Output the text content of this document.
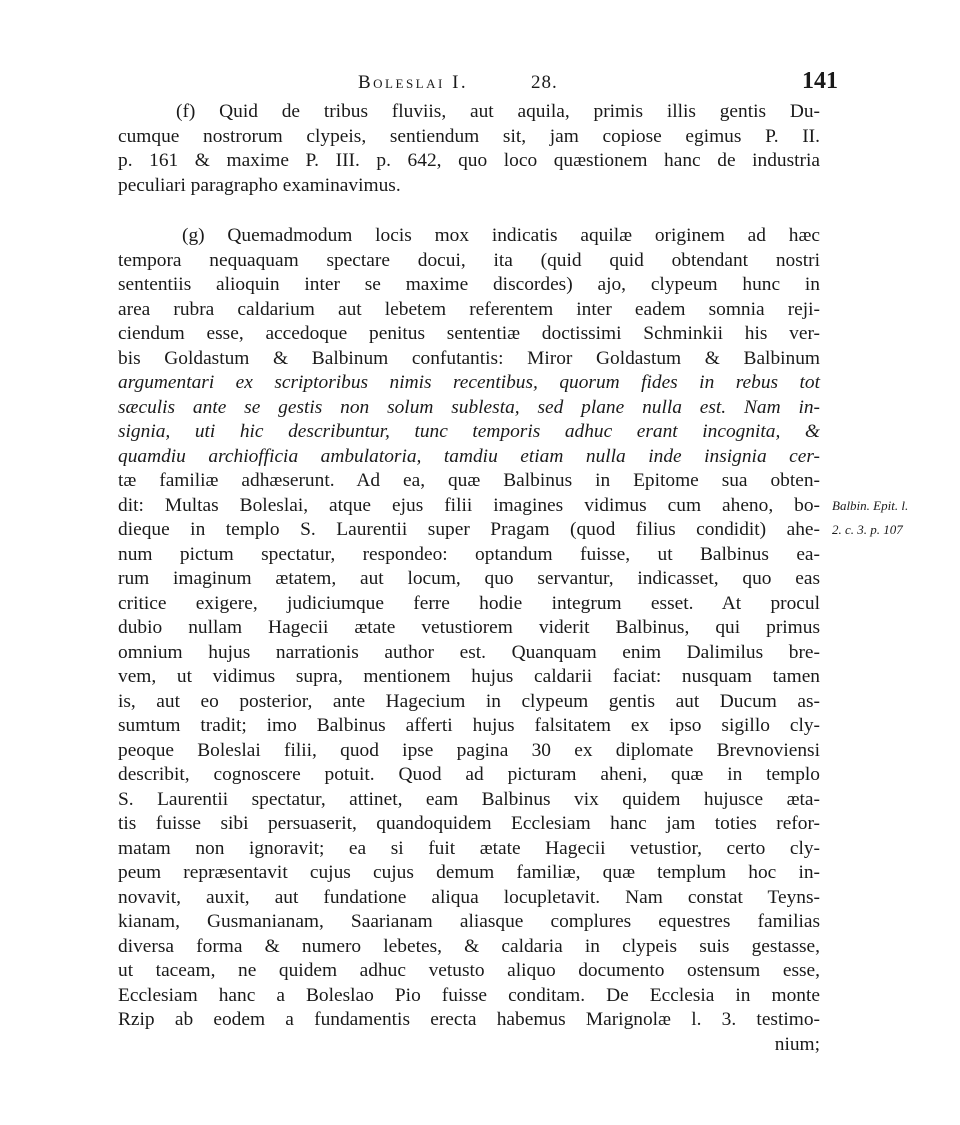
Boleslai I.	28.	141
(f) Quid de tribus fluviis, aut aquila, primis illis gentis Du-
cumque nostrorum clypeis, sentiendum sit, jam copiose egimus P. II.
p. 161 & maxime P. III. p. 642, quo loco quæstionem hanc de industria
peculiari paragrapho examinavimus.
(g) Quemadmodum locis mox indicatis aquilæ originem ad hæc
tempora nequaquam spectare docui, ita (quid quid obtendant nostri
sententiis alioquin inter se maxime discordes) ajo, clypeum hunc in
area rubra caldarium aut lebetem referentem inter eadem somnia reji-
ciendum esse, accedoque penitus sententiæ doctissimi Schminkii his ver-
bis Goldastum & Balbinum confutantis: Miror Goldastum & Balbinum
argumentari ex scriptoribus nimis recentibus, quorum fides in rebus tot
sæculis ante se gestis non solum sublesta, sed plane nulla est. Nam in-
signia, uti hic describuntur, tunc temporis adhuc erant incognita, &
quamdiu archiofficia ambulatoria, tamdiu etiam nulla inde insignia cer-
tæ familiæ adhæserunt. Ad ea, quæ Balbinus in Epitome sua obten-
dit: Multas Boleslai, atque ejus filii imagines vidimus cum aheno, bo-
dieque in templo S. Laurentii super Pragam (quod filius condidit) ahe-
num pictum spectatur, respondeo: optandum fuisse, ut Balbinus ea-
rum imaginum ætatem, aut locum, quo servantur, indicasset, quo eas
critice exigere, judiciumque ferre hodie integrum esset. At procul
dubio nullam Hagecii ætate vetustiorem viderit Balbinus, qui primus
omnium hujus narrationis author est. Quanquam enim Dalimilus bre-
vem, ut vidimus supra, mentionem hujus caldarii faciat: nusquam tamen
is, aut eo posterior, ante Hagecium in clypeum gentis aut Ducum as-
sumtum tradit; imo Balbinus afferti hujus falsitatem ex ipso sigillo cly-
peoque Boleslai filii, quod ipse pagina 30 ex diplomate Brevnoviensi
describit, cognoscere potuit. Quod ad picturam aheni, quæ in templo
S. Laurentii spectatur, attinet, eam Balbinus vix quidem hujusce æta-
tis fuisse sibi persuaserit, quandoquidem Ecclesiam hanc jam toties refor-
matam non ignoravit; ea si fuit ætate Hagecii vetustior, certo cly-
peum repræsentavit cujus cujus demum familiæ, quæ templum hoc in-
novavit, auxit, aut fundatione aliqua locupletavit. Nam constat Teyns-
kianam, Gusmanianam, Saarianam aliasque complures equestres familias
diversa forma & numero lebetes, & caldaria in clypeis suis gestasse,
ut taceam, ne quidem adhuc vetusto aliquo documento ostensum esse,
Ecclesiam hanc a Boleslao Pio fuisse conditam. De Ecclesia in monte
Rzip ab eodem a fundamentis erecta habemus Marignolæ l. 3. testimo-
nium;
Balbin. Epit. l.
2. c. 3. p. 107
